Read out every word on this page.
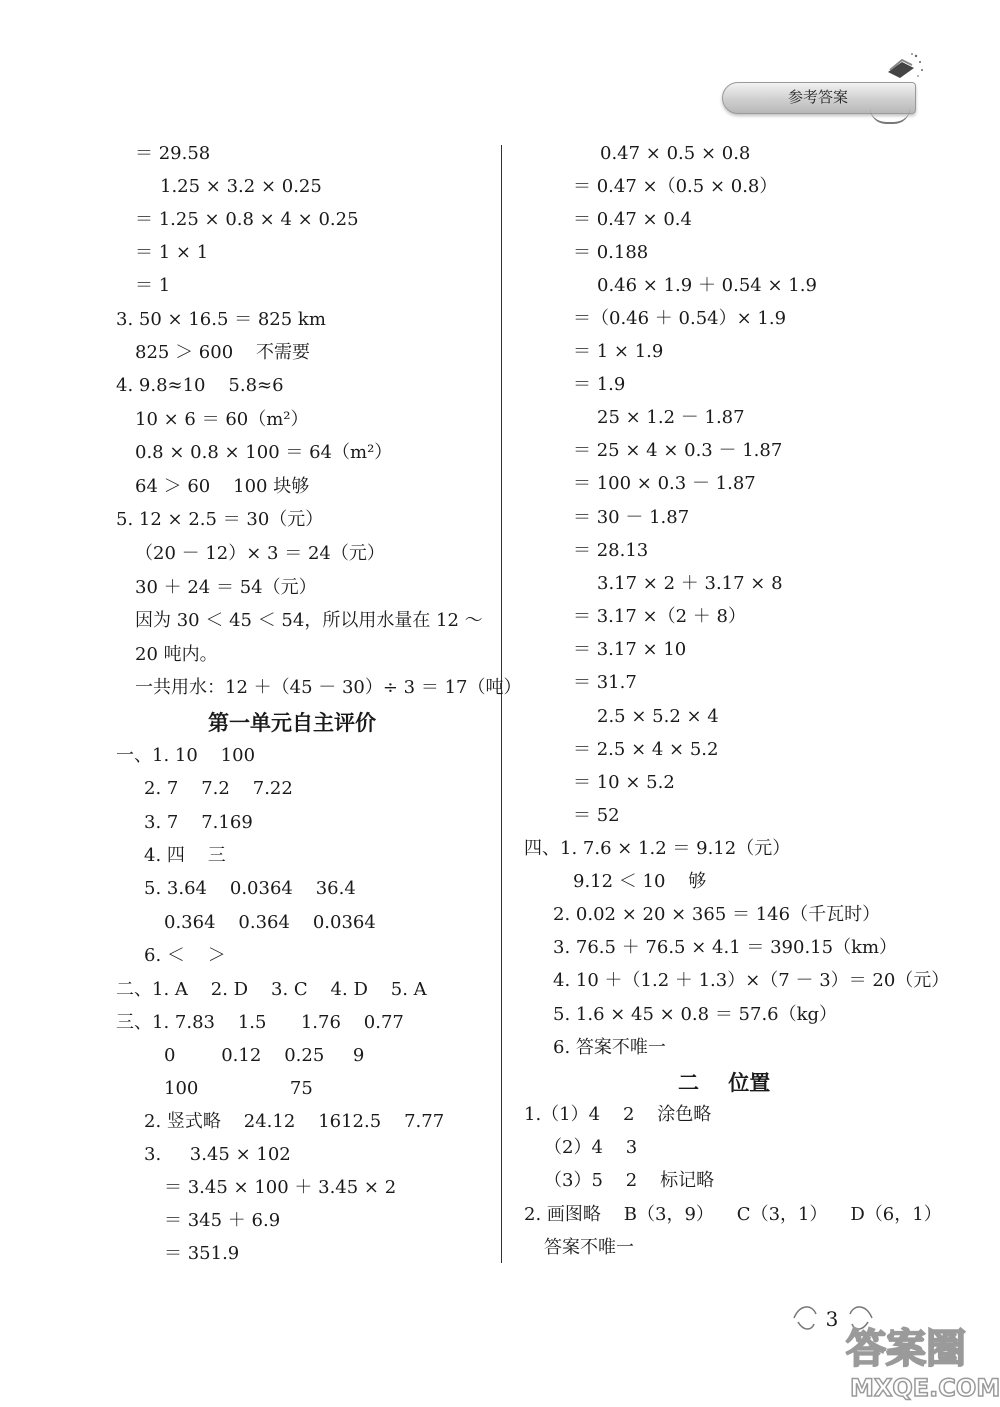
参考答案
＝ 29.58
1.25 × 3.2 × 0.25
＝ 1.25 × 0.8 × 4 × 0.25
＝ 1 × 1
＝ 1
3. 50 × 16.5 ＝ 825 km
825 ＞ 600    不需要
4. 9.8≈10    5.8≈6
10 × 6 ＝ 60（m²）
0.8 × 0.8 × 100 ＝ 64（m²）
64 ＞ 60    100 块够
5. 12 × 2.5 ＝ 30（元）
（20 － 12）× 3 ＝ 24（元）
30 ＋ 24 ＝ 54（元）
因为 30 ＜ 45 ＜ 54，所以用水量在 12 ～
20 吨内。
一共用水：12 ＋（45 － 30）÷ 3 ＝ 17（吨）
一、1. 10    100
2. 7    7.2    7.22
3. 7    7.169
4. 四    三
5. 3.64    0.0364    36.4
0.364    0.364    0.0364
6. ＜    ＞
二、1. A    2. D    3. C    4. D    5. A
三、1. 7.83    1.5      1.76    0.77
0        0.12    0.25     9
100                75
2. 竖式略    24.12    1612.5    7.77
3.     3.45 × 102
＝ 3.45 × 100 ＋ 3.45 × 2
＝ 345 ＋ 6.9
＝ 351.9
第一单元自主评价
0.47 × 0.5 × 0.8
＝ 0.47 ×（0.5 × 0.8）
＝ 0.47 × 0.4
＝ 0.188
0.46 × 1.9 ＋ 0.54 × 1.9
＝（0.46 ＋ 0.54）× 1.9
＝ 1 × 1.9
＝ 1.9
25 × 1.2 － 1.87
＝ 25 × 4 × 0.3 － 1.87
＝ 100 × 0.3 － 1.87
＝ 30 － 1.87
＝ 28.13
3.17 × 2 ＋ 3.17 × 8
＝ 3.17 ×（2 ＋ 8）
＝ 3.17 × 10
＝ 31.7
2.5 × 5.2 × 4
＝ 2.5 × 4 × 5.2
＝ 10 × 5.2
＝ 52
四、1. 7.6 × 1.2 ＝ 9.12（元）
9.12 ＜ 10    够
2. 0.02 × 20 × 365 ＝ 146（千瓦时）
3. 76.5 ＋ 76.5 × 4.1 ＝ 390.15（km）
4. 10 ＋（1.2 ＋ 1.3）×（7 － 3）＝ 20（元）
5. 1.6 × 45 × 0.8 ＝ 57.6（kg）
6. 答案不唯一
1.（1）4    2    涂色略
（2）4    3
（3）5    2    标记略
2. 画图略    B（3，9）    C（3，1）    D（6，1）
答案不唯一
二    位置
3
答案圈
MXQE.COM
